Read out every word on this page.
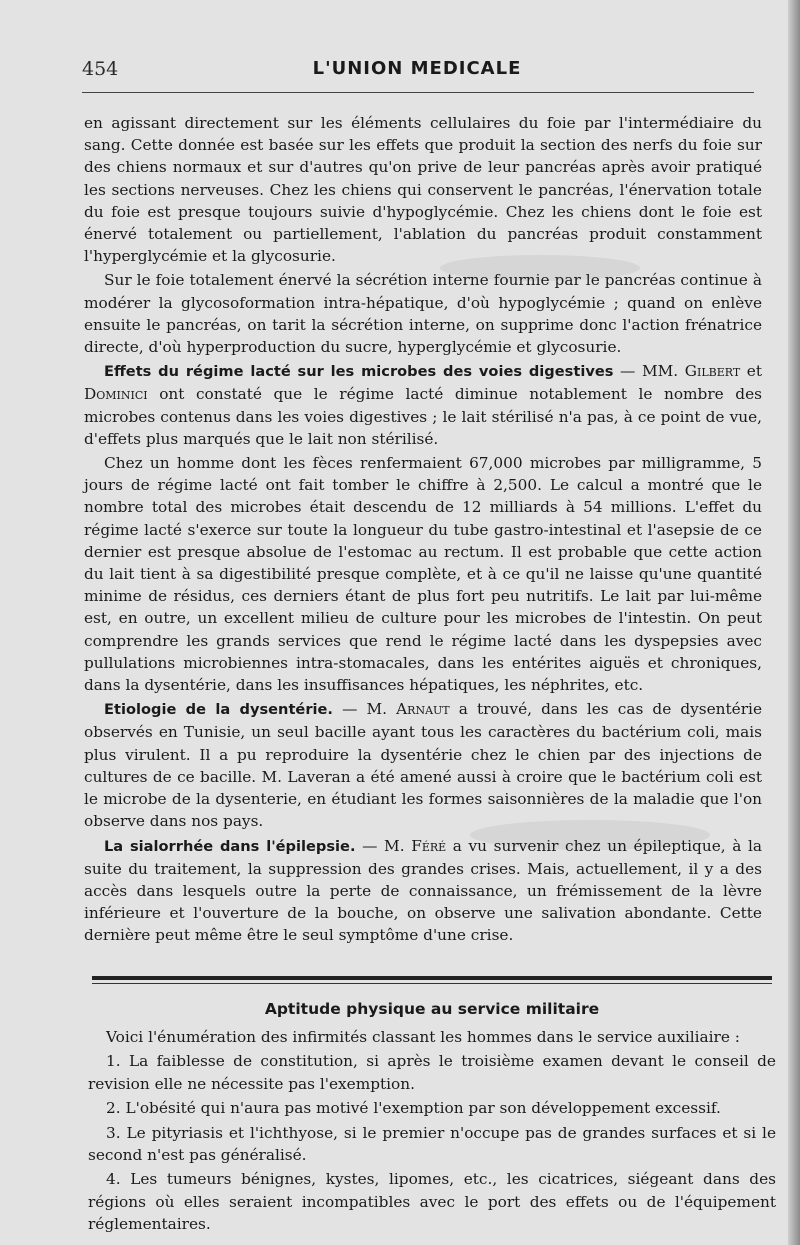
454	L'UNION MEDICALE

en agissant directement sur les éléments cellulaires du foie par l'intermédiaire du sang. Cette donnée est basée sur les effets que produit la section des nerfs du foie sur des chiens normaux et sur d'autres qu'on prive de leur pancréas après avoir pratiqué les sections nerveuses. Chez les chiens qui conservent le pancréas, l'énervation totale du foie est presque toujours suivie d'hypoglycémie. Chez les chiens dont le foie est énervé totalement ou partiellement, l'ablation du pancréas produit constamment l'hyperglycémie et la glycosurie.

Sur le foie totalement énervé la sécrétion interne fournie par le pancréas continue à modérer la glycosoformation intra-hépatique, d'où hypoglycémie ; quand on enlève ensuite le pancréas, on tarit la sécrétion interne, on supprime donc l'action frénatrice directe, d'où hyperproduction du sucre, hyperglycémie et glycosurie.

Effets du régime lacté sur les microbes des voies digestives — MM. Gilbert et Dominici ont constaté que le régime lacté diminue notablement le nombre des microbes contenus dans les voies digestives ; le lait stérilisé n'a pas, à ce point de vue, d'effets plus marqués que le lait non stérilisé.

Chez un homme dont les fèces renfermaient 67,000 microbes par milligramme, 5 jours de régime lacté ont fait tomber le chiffre à 2,500. Le calcul a montré que le nombre total des microbes était descendu de 12 milliards à 54 millions. L'effet du régime lacté s'exerce sur toute la longueur du tube gastro-intestinal et l'asepsie de ce dernier est presque absolue de l'estomac au rectum. Il est probable que cette action du lait tient à sa digestibilité presque complète, et à ce qu'il ne laisse qu'une quantité minime de résidus, ces derniers étant de plus fort peu nutritifs. Le lait par lui-même est, en outre, un excellent milieu de culture pour les microbes de l'intestin. On peut comprendre les grands services que rend le régime lacté dans les dyspepsies avec pullulations microbiennes intra-stomacales, dans les entérites aiguës et chroniques, dans la dysentérie, dans les insuffisances hépatiques, les néphrites, etc.

Etiologie de la dysentérie. — M. Arnaut a trouvé, dans les cas de dysentérie observés en Tunisie, un seul bacille ayant tous les caractères du bactérium coli, mais plus virulent. Il a pu reproduire la dysentérie chez le chien par des injections de cultures de ce bacille. M. Laveran a été amené aussi à croire que le bactérium coli est le microbe de la dysenterie, en étudiant les formes saisonnières de la maladie que l'on observe dans nos pays.

La sialorrhée dans l'épilepsie. — M. Féré a vu survenir chez un épileptique, à la suite du traitement, la suppression des grandes crises. Mais, actuellement, il y a des accès dans lesquels outre la perte de connaissance, un frémissement de la lèvre inférieure et l'ouverture de la bouche, on observe une salivation abondante. Cette dernière peut même être le seul symptôme d'une crise.

Aptitude physique au service militaire

Voici l'énumération des infirmités classant les hommes dans le service auxiliaire :

1. La faiblesse de constitution, si après le troisième examen devant le conseil de revision elle ne nécessite pas l'exemption.

2. L'obésité qui n'aura pas motivé l'exemption par son développement excessif.

3. Le pityriasis et l'ichthyose, si le premier n'occupe pas de grandes surfaces et si le second n'est pas généralisé.

4. Les tumeurs bénignes, kystes, lipomes, etc., les cicatrices, siégeant dans des régions où elles seraient incompatibles avec le port des effets ou de l'équipement réglementaires.
